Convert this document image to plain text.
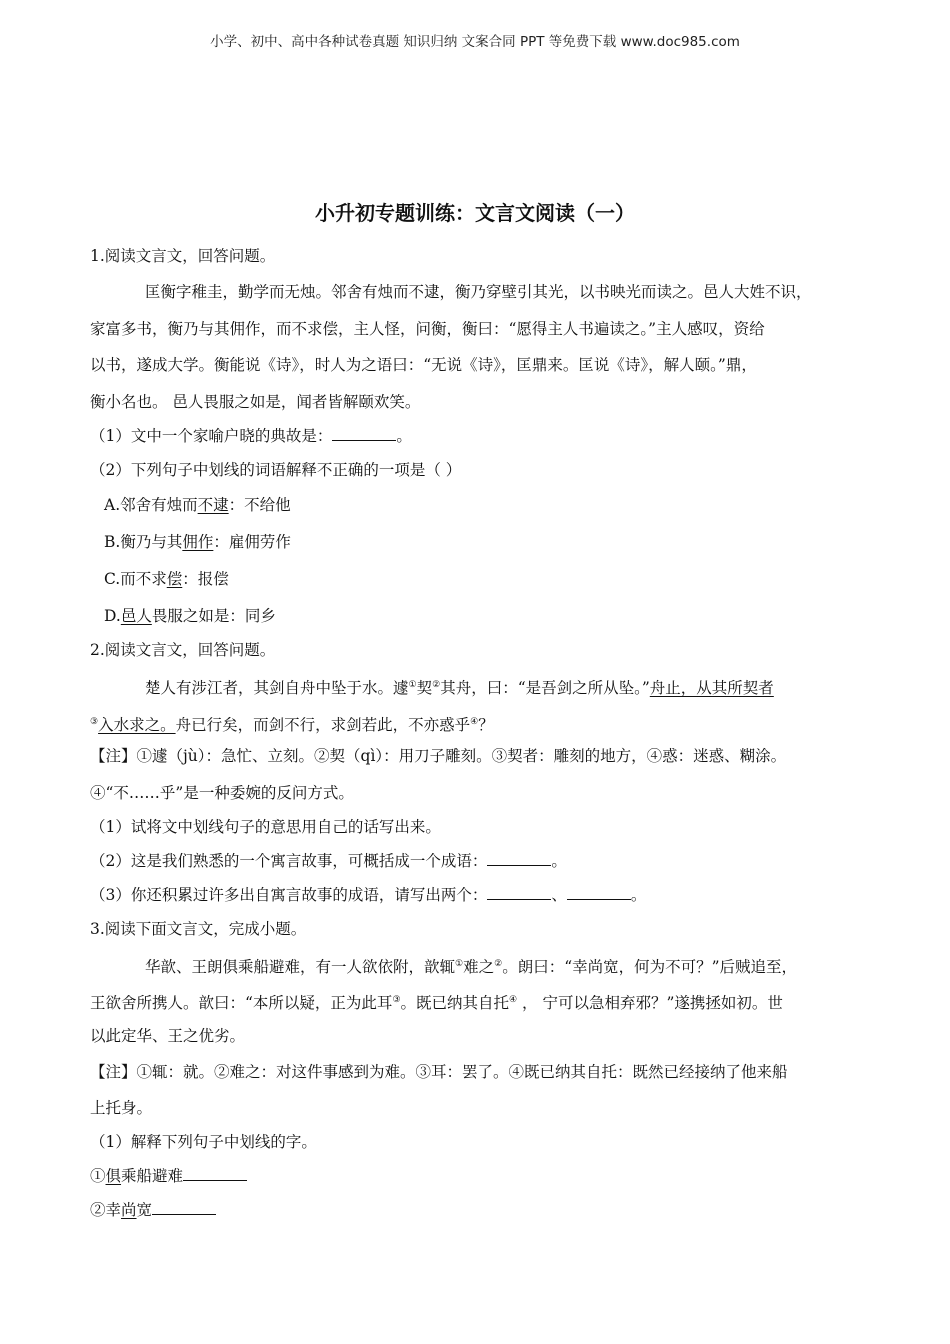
小学、初中、高中各种试卷真题 知识归纳 文案合同 PPT 等免费下载 www.doc985.com
小升初专题训练：文言文阅读（一）
1.阅读文言文，回答问题。
匡衡字稚圭，勤学而无烛。邻舍有烛而不逮，衡乃穿壁引其光，以书映光而读之。邑人大姓不识，
家富多书，衡乃与其佣作，而不求偿，主人怪，问衡，衡曰：“愿得主人书遍读之。”主人感叹，资给
以书，遂成大学。衡能说《诗》，时人为之语曰：“无说《诗》，匡鼎来。匡说《诗》，解人颐。”鼎，
衡小名也。 邑人畏服之如是，闻者皆解颐欢笑。
（1）文中一个家喻户晓的典故是：	。
（2）下列句子中划线的词语解释不正确的一项是（ ）
A.邻舍有烛而不逮：不给他
B.衡乃与其佣作：雇佣劳作
C.而不求偿：报偿
D.邑人畏服之如是：同乡
2.阅读文言文，回答问题。
楚人有涉江者，其剑自舟中坠于水。遽①契②其舟，曰：“是吾剑之所从坠。”舟止，从其所契者
③入水求之。舟已行矣，而剑不行，求剑若此，不亦惑乎④？
【注】①遽（jù）：急忙、立刻。②契（qì）：用刀子雕刻。③契者：雕刻的地方，④惑：迷惑、糊涂。
④“不……乎”是一种委婉的反问方式。
（1）试将文中划线句子的意思用自己的话写出来。
（2）这是我们熟悉的一个寓言故事，可概括成一个成语：	。
（3）你还积累过许多出自寓言故事的成语，请写出两个：	、	。
3.阅读下面文言文，完成小题。
华歆、王朗俱乘船避难，有一人欲依附，歆辄①难之②。朗曰：“幸尚宽，何为不可？”后贼追至，
王欲舍所携人。歆曰：“本所以疑，正为此耳③。既已纳其自托④ ， 宁可以急相弃邪？”遂携拯如初。世
以此定华、王之优劣。
【注】①辄：就。②难之：对这件事感到为难。③耳：罢了。④既已纳其自托：既然已经接纳了他来船
上托身。
（1）解释下列句子中划线的字。
①俱乘船避难
②幸尚宽
